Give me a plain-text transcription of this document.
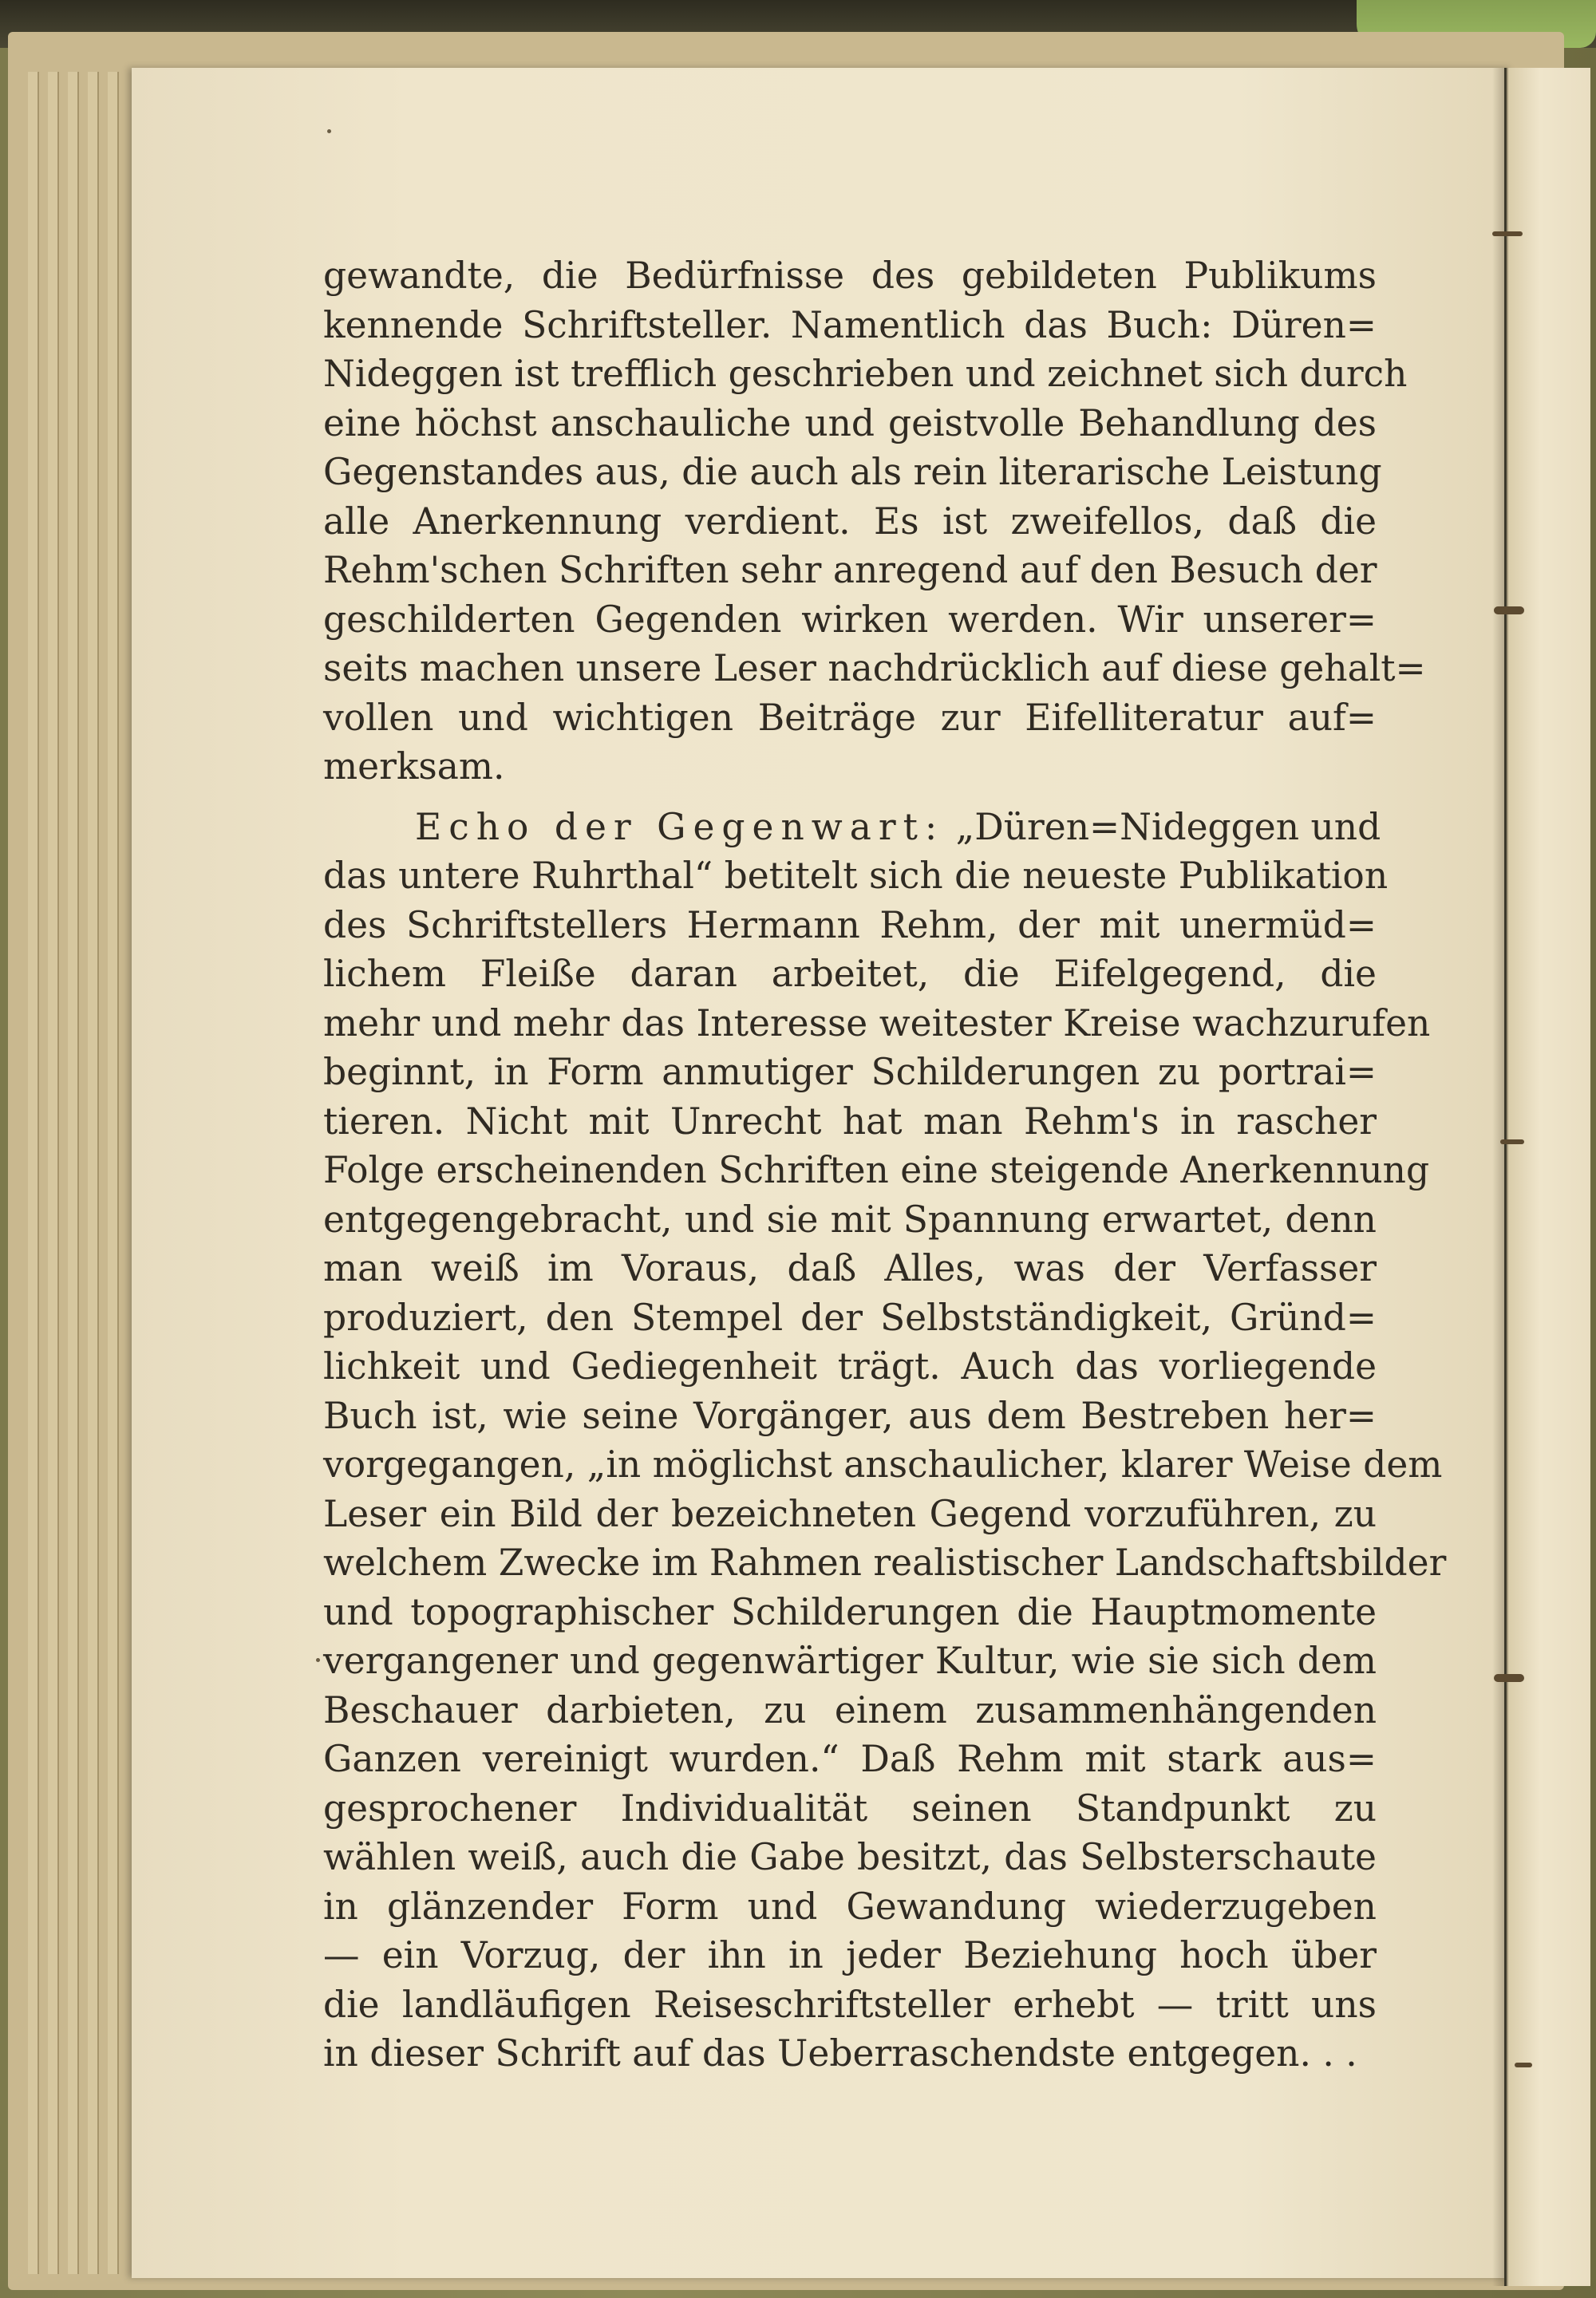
gewandte, die Bedürfnisse des gebildeten Publikums
kennende Schriftsteller. Namentlich das Buch: Düren=
Nideggen ist trefflich geschrieben und zeichnet sich durch
eine höchst anschauliche und geistvolle Behandlung des
Gegenstandes aus, die auch als rein literarische Leistung
alle Anerkennung verdient. Es ist zweifellos, daß die
Rehm'schen Schriften sehr anregend auf den Besuch der
geschilderten Gegenden wirken werden. Wir unserer=
seits machen unsere Leser nachdrücklich auf diese gehalt=
vollen und wichtigen Beiträge zur Eifelliteratur auf=
merksam.
Echo der Gegenwart: „Düren=Nideggen und
das untere Ruhrthal“ betitelt sich die neueste Publikation
des Schriftstellers Hermann Rehm, der mit unermüd=
lichem Fleiße daran arbeitet, die Eifelgegend, die
mehr und mehr das Interesse weitester Kreise wachzurufen
beginnt, in Form anmutiger Schilderungen zu portrai=
tieren. Nicht mit Unrecht hat man Rehm's in rascher
Folge erscheinenden Schriften eine steigende Anerkennung
entgegengebracht, und sie mit Spannung erwartet, denn
man weiß im Voraus, daß Alles, was der Verfasser
produziert, den Stempel der Selbstständigkeit, Gründ=
lichkeit und Gediegenheit trägt. Auch das vorliegende
Buch ist, wie seine Vorgänger, aus dem Bestreben her=
vorgegangen, „in möglichst anschaulicher, klarer Weise dem
Leser ein Bild der bezeichneten Gegend vorzuführen, zu
welchem Zwecke im Rahmen realistischer Landschaftsbilder
und topographischer Schilderungen die Hauptmomente
vergangener und gegenwärtiger Kultur, wie sie sich dem
Beschauer darbieten, zu einem zusammenhängenden
Ganzen vereinigt wurden.“ Daß Rehm mit stark aus=
gesprochener Individualität seinen Standpunkt zu
wählen weiß, auch die Gabe besitzt, das Selbsterschaute
in glänzender Form und Gewandung wiederzugeben
— ein Vorzug, der ihn in jeder Beziehung hoch über
die landläufigen Reiseschriftsteller erhebt — tritt uns
in dieser Schrift auf das Ueberraschendste entgegen. . .
